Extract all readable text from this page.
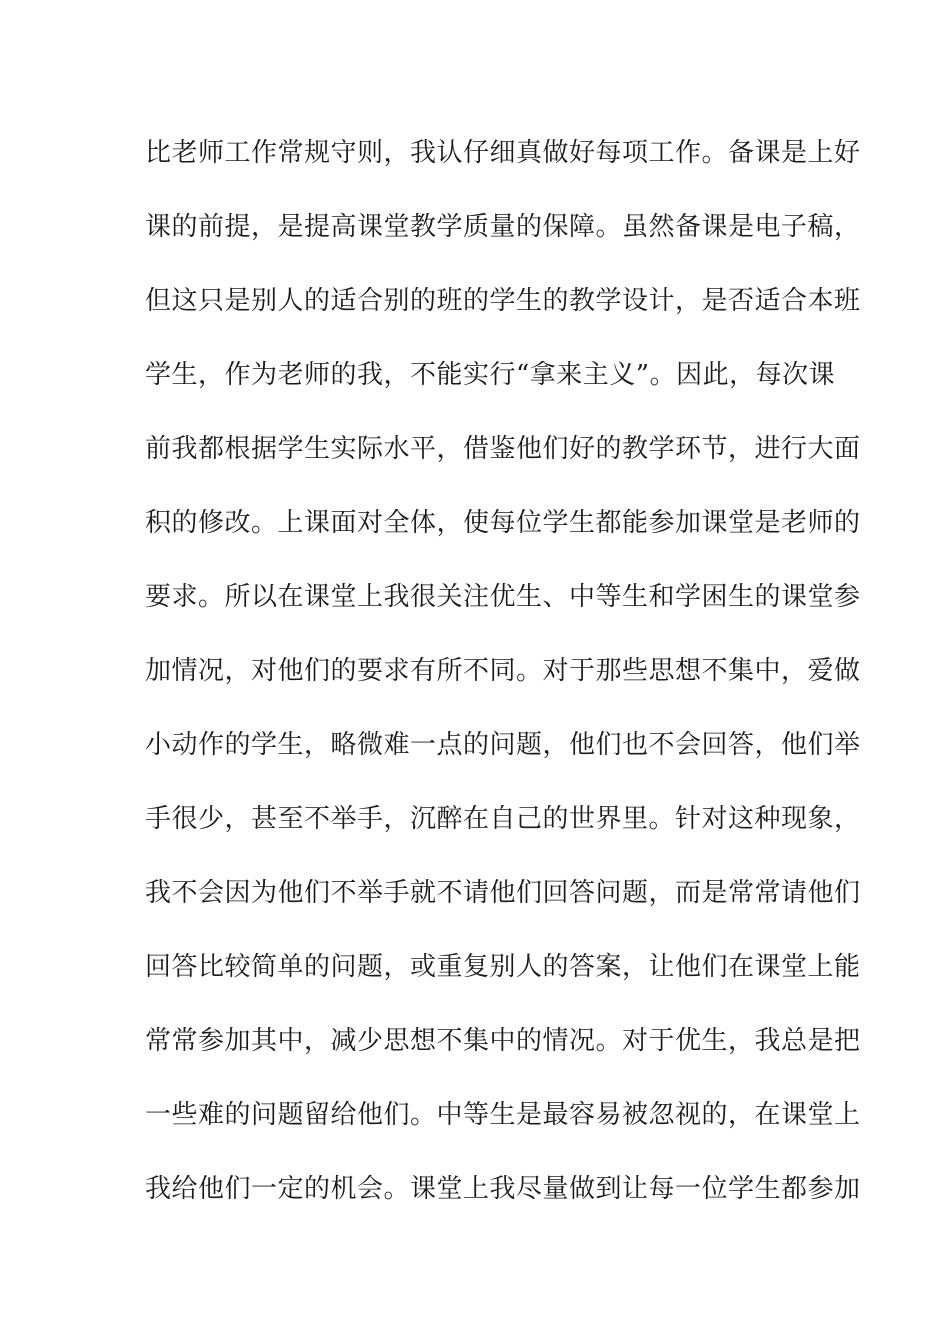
比老师工作常规守则，我认仔细真做好每项工作。备课是上好
课的前提，是提高课堂教学质量的保障。虽然备课是电子稿，
但这只是别人的适合别的班的学生的教学设计，是否适合本班
学生，作为老师的我，不能实行“拿来主义”。因此，每次课
前我都根据学生实际水平，借鉴他们好的教学环节，进行大面
积的修改。上课面对全体，使每位学生都能参加课堂是老师的
要求。所以在课堂上我很关注优生、中等生和学困生的课堂参
加情况，对他们的要求有所不同。对于那些思想不集中，爱做
小动作的学生，略微难一点的问题，他们也不会回答，他们举
手很少，甚至不举手，沉醉在自己的世界里。针对这种现象，
我不会因为他们不举手就不请他们回答问题，而是常常请他们
回答比较简单的问题，或重复别人的答案，让他们在课堂上能
常常参加其中，减少思想不集中的情况。对于优生，我总是把
一些难的问题留给他们。中等生是最容易被忽视的，在课堂上
我给他们一定的机会。课堂上我尽量做到让每一位学生都参加
